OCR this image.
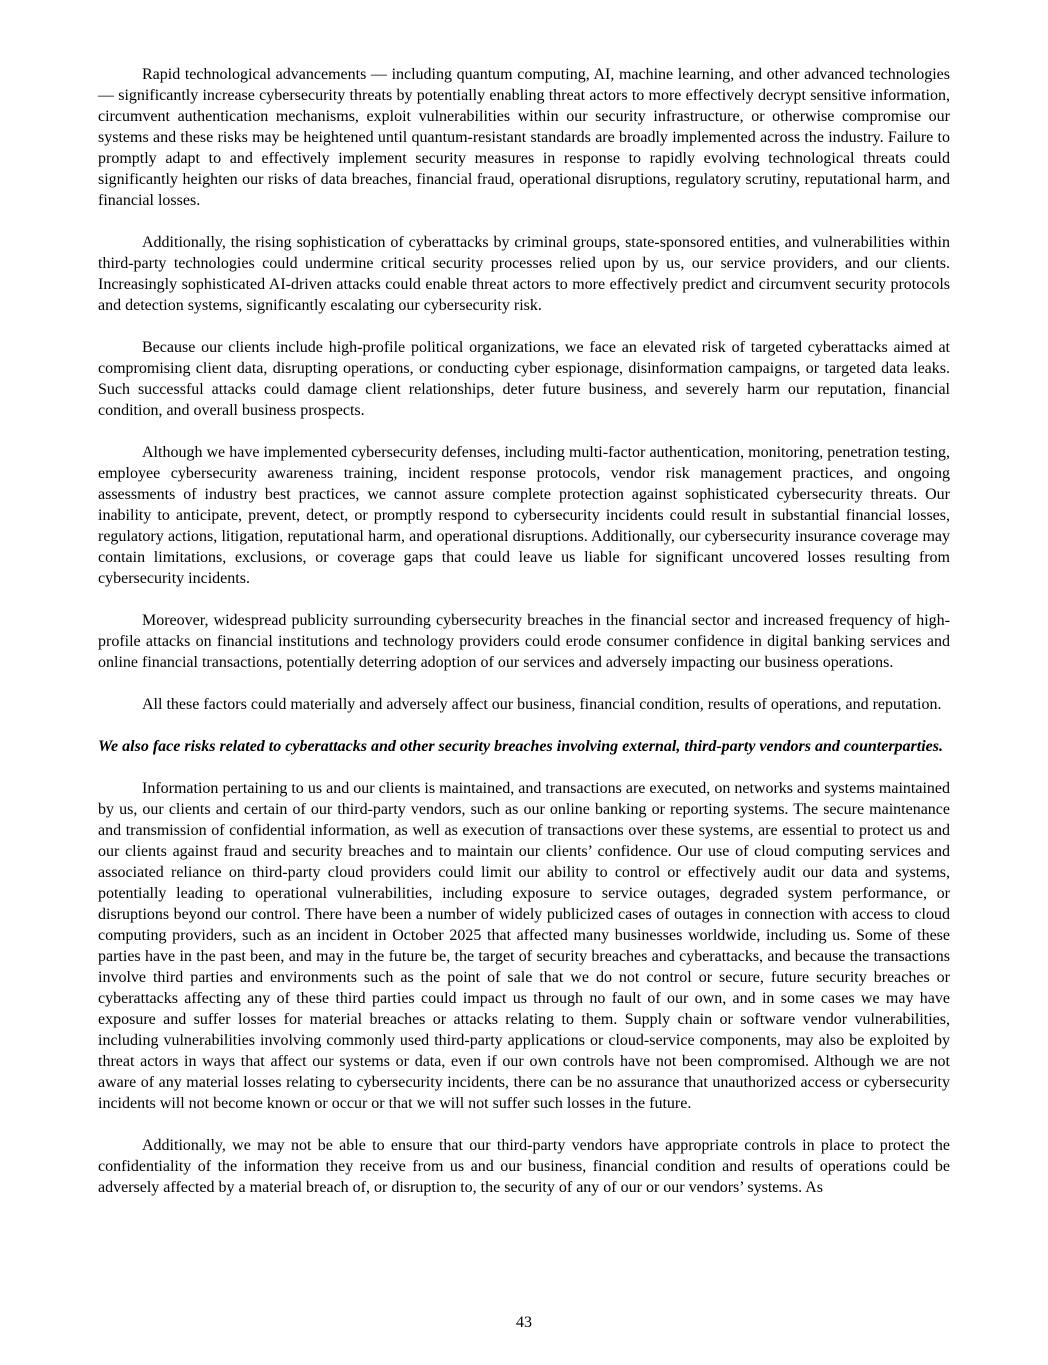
Rapid technological advancements — including quantum computing, AI, machine learning, and other advanced technologies — significantly increase cybersecurity threats by potentially enabling threat actors to more effectively decrypt sensitive information, circumvent authentication mechanisms, exploit vulnerabilities within our security infrastructure, or otherwise compromise our systems and these risks may be heightened until quantum-resistant standards are broadly implemented across the industry. Failure to promptly adapt to and effectively implement security measures in response to rapidly evolving technological threats could significantly heighten our risks of data breaches, financial fraud, operational disruptions, regulatory scrutiny, reputational harm, and financial losses.

Additionally, the rising sophistication of cyberattacks by criminal groups, state-sponsored entities, and vulnerabilities within third-party technologies could undermine critical security processes relied upon by us, our service providers, and our clients. Increasingly sophisticated AI-driven attacks could enable threat actors to more effectively predict and circumvent security protocols and detection systems, significantly escalating our cybersecurity risk.

Because our clients include high-profile political organizations, we face an elevated risk of targeted cyberattacks aimed at compromising client data, disrupting operations, or conducting cyber espionage, disinformation campaigns, or targeted data leaks. Such successful attacks could damage client relationships, deter future business, and severely harm our reputation, financial condition, and overall business prospects.

Although we have implemented cybersecurity defenses, including multi-factor authentication, monitoring, penetration testing, employee cybersecurity awareness training, incident response protocols, vendor risk management practices, and ongoing assessments of industry best practices, we cannot assure complete protection against sophisticated cybersecurity threats. Our inability to anticipate, prevent, detect, or promptly respond to cybersecurity incidents could result in substantial financial losses, regulatory actions, litigation, reputational harm, and operational disruptions. Additionally, our cybersecurity insurance coverage may contain limitations, exclusions, or coverage gaps that could leave us liable for significant uncovered losses resulting from cybersecurity incidents.

Moreover, widespread publicity surrounding cybersecurity breaches in the financial sector and increased frequency of high-profile attacks on financial institutions and technology providers could erode consumer confidence in digital banking services and online financial transactions, potentially deterring adoption of our services and adversely impacting our business operations.

All these factors could materially and adversely affect our business, financial condition, results of operations, and reputation.

We also face risks related to cyberattacks and other security breaches involving external, third-party vendors and counterparties.

Information pertaining to us and our clients is maintained, and transactions are executed, on networks and systems maintained by us, our clients and certain of our third-party vendors, such as our online banking or reporting systems. The secure maintenance and transmission of confidential information, as well as execution of transactions over these systems, are essential to protect us and our clients against fraud and security breaches and to maintain our clients’ confidence. Our use of cloud computing services and associated reliance on third-party cloud providers could limit our ability to control or effectively audit our data and systems, potentially leading to operational vulnerabilities, including exposure to service outages, degraded system performance, or disruptions beyond our control. There have been a number of widely publicized cases of outages in connection with access to cloud computing providers, such as an incident in October 2025 that affected many businesses worldwide, including us. Some of these parties have in the past been, and may in the future be, the target of security breaches and cyberattacks, and because the transactions involve third parties and environments such as the point of sale that we do not control or secure, future security breaches or cyberattacks affecting any of these third parties could impact us through no fault of our own, and in some cases we may have exposure and suffer losses for material breaches or attacks relating to them. Supply chain or software vendor vulnerabilities, including vulnerabilities involving commonly used third-party applications or cloud-service components, may also be exploited by threat actors in ways that affect our systems or data, even if our own controls have not been compromised. Although we are not aware of any material losses relating to cybersecurity incidents, there can be no assurance that unauthorized access or cybersecurity incidents will not become known or occur or that we will not suffer such losses in the future.

Additionally, we may not be able to ensure that our third-party vendors have appropriate controls in place to protect the confidentiality of the information they receive from us and our business, financial condition and results of operations could be adversely affected by a material breach of, or disruption to, the security of any of our or our vendors’ systems. As

43
